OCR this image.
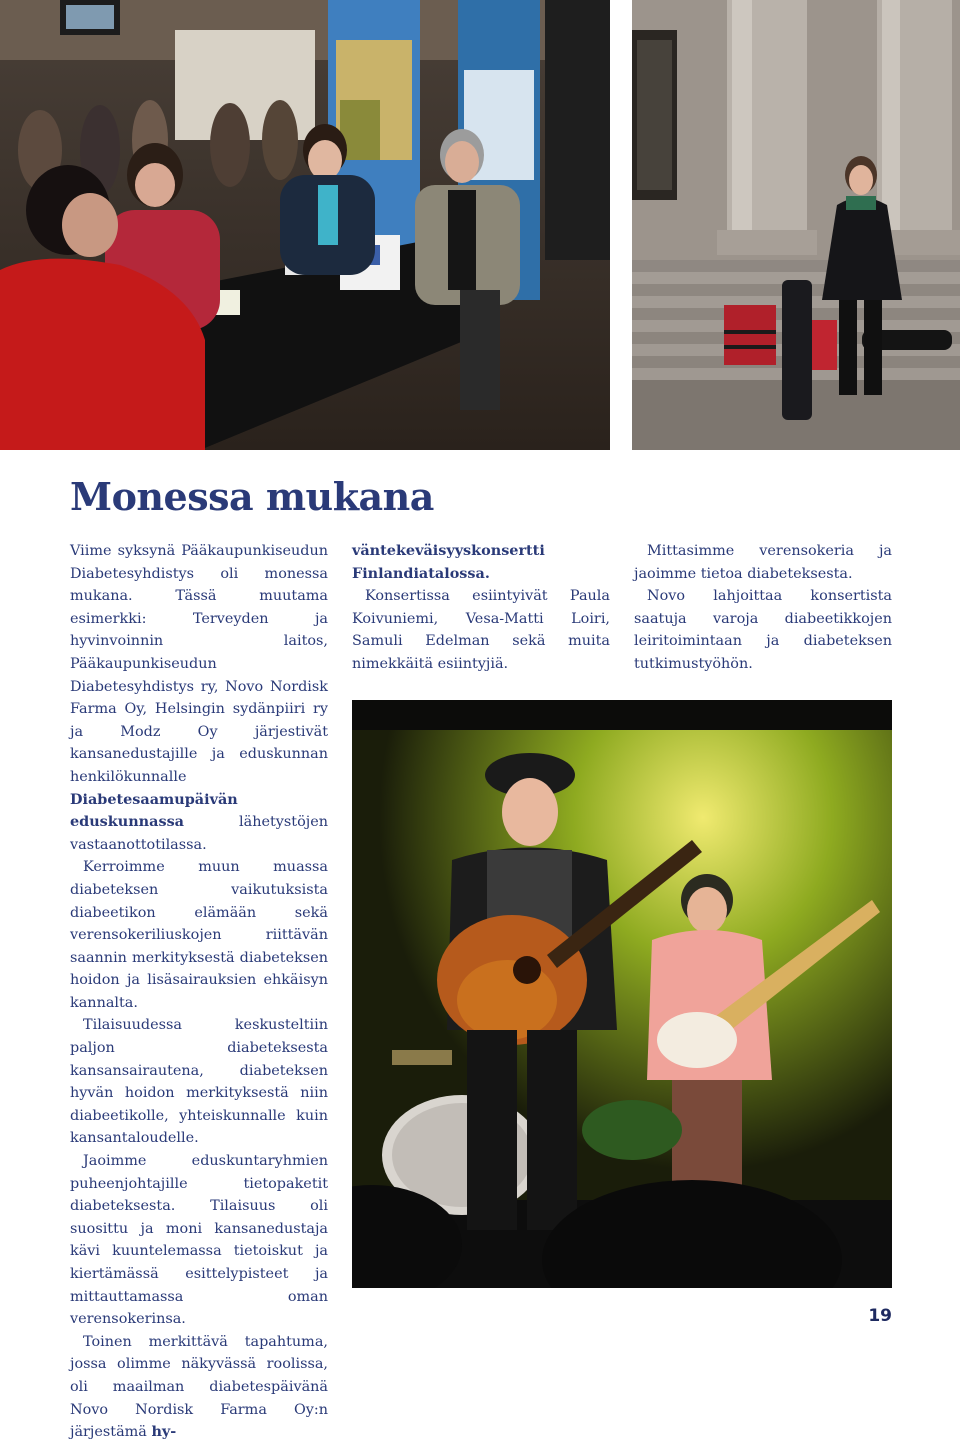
Monessa mukana

Viime syksynä Pääkaupunkiseudun Diabetesyhdistys oli monessa mukana. Tässä muutama esimerkki: Terveyden ja hyvinvoinnin laitos, Pääkaupunkiseudun Diabetesyhdistys ry, Novo Nordisk Farma Oy, Helsingin sydänpiiri ry ja Modz Oy järjestivät kansanedustajille ja eduskunnan henkilökunnalle Diabetesaamupäivän eduskunnassa lähetystöjen vastaanottotilassa.

Kerroimme muun muassa diabeteksen vaikutuksista diabeetikon elämään sekä verensokeriliuskojen riittävän saannin merkityksestä diabeteksen hoidon ja lisäsairauksien ehkäisyn kannalta.

Tilaisuudessa keskusteltiin paljon diabeteksesta kansansairautena, diabeteksen hyvän hoidon merkityksestä niin diabeetikolle, yhteiskunnalle kuin kansantaloudelle.

Jaoimme eduskuntaryhmien puheenjohtajille tietopaketit diabeteksesta. Tilaisuus oli suosittu ja moni kansanedustaja kävi kuuntelemassa tietoiskut ja kiertämässä esittelypisteet ja mittauttamassa oman verensokerinsa.

Toinen merkittävä tapahtuma, jossa olimme näkyvässä roolissa, oli maailman diabetespäivänä Novo Nordisk Farma Oy:n järjestämä hy-

väntekeväisyyskonsertti Finlandiatalossa.

Konsertissa esiintyivät Paula Koivuniemi, Vesa-Matti Loiri, Samuli Edelman sekä muita nimekkäitä esiintyjiä.

Mittasimme verensokeria ja jaoimme tietoa diabeteksesta.

Novo lahjoittaa konsertista saatuja varoja diabeetikkojen leiritoimintaan ja diabeteksen tutkimustyöhön.

19
